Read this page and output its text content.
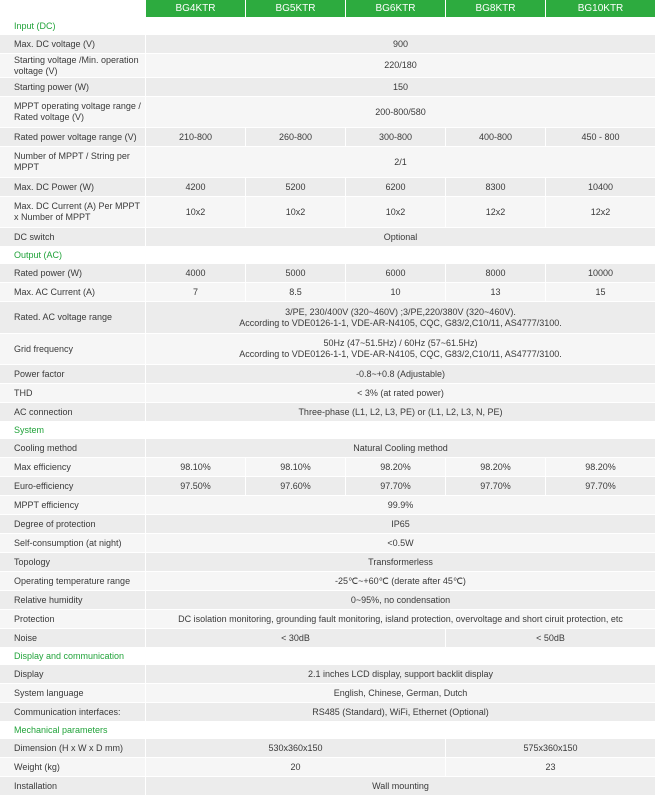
	BG4KTR	BG5KTR	BG6KTR	BG8KTR	BG10KTR
Input (DC)					
Max. DC voltage (V)	900				
Starting voltage /Min. operation voltage (V)	220/180				
Starting power (W)	150				
MPPT operating voltage range / Rated voltage (V)	200-800/580				
Rated power voltage range (V)	210-800	260-800	300-800	400-800	450 - 800
Number of MPPT / String per MPPT	2/1				
Max. DC Power (W)	4200	5200	6200	8300	10400
Max. DC Current (A) Per MPPT x Number of MPPT	10x2	10x2	10x2	12x2	12x2
DC switch	Optional				
Output (AC)					
Rated power (W)	4000	5000	6000	8000	10000
Max. AC Current (A)	7	8.5	10	13	15
Rated. AC voltage range	3/PE, 230/400V (320~460V) ;3/PE,220/380V (320~460V).
According to VDE0126-1-1, VDE-AR-N4105, CQC, G83/2,C10/11, AS4777/3100.				
Grid frequency	50Hz (47~51.5Hz) / 60Hz (57~61.5Hz)
According to VDE0126-1-1, VDE-AR-N4105, CQC, G83/2,C10/11, AS4777/3100.				
Power factor	-0.8~+0.8 (Adjustable)				
THD	< 3% (at rated power)				
AC connection	Three-phase (L1, L2, L3, PE) or (L1, L2, L3, N, PE)				
System					
Cooling method	Natural Cooling method				
Max efficiency	98.10%	98.10%	98.20%	98.20%	98.20%
Euro-efficiency	97.50%	97.60%	97.70%	97.70%	97.70%
MPPT efficiency	99.9%				
Degree of protection	IP65				
Self-consumption (at night)	<0.5W				
Topology	Transformerless				
Operating temperature range	-25℃~+60℃ (derate after 45℃)				
Relative humidity	0~95%, no condensation				
Protection	DC isolation monitoring, grounding fault monitoring, island protection, overvoltage and short ciruit protection, etc				
Noise	< 30dB			< 50dB	
Display and communication					
Display	2.1 inches LCD display, support backlit display				
System language	English, Chinese, German, Dutch				
Communication interfaces:	RS485 (Standard), WiFi, Ethernet (Optional)				
Mechanical parameters					
Dimension (H x W x D mm)	530x360x150			575x360x150	
Weight (kg)	20			23	
Installation	Wall mounting				
